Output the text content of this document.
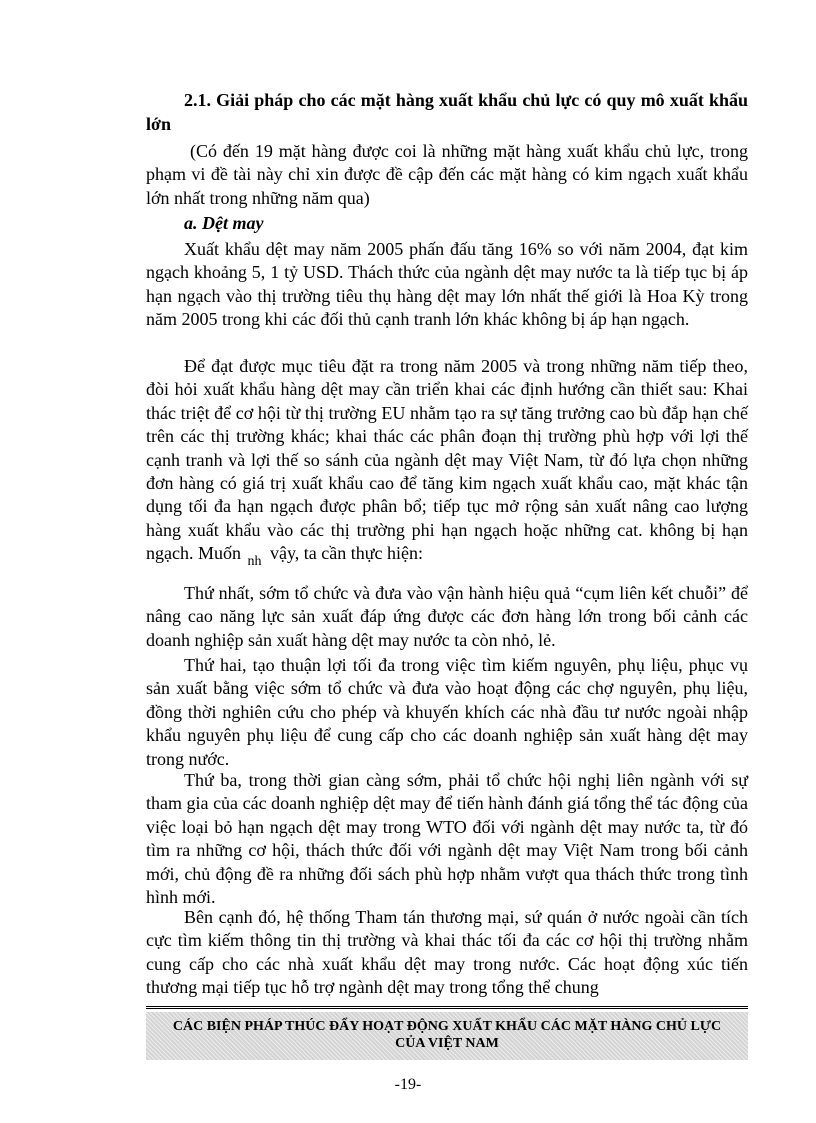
2.1. Giải pháp cho các mặt hàng xuất khẩu chủ lực có quy mô xuất khẩu lớn

(Có đến 19 mặt hàng được coi là những mặt hàng xuất khẩu chủ lực, trong phạm vi đề tài này chỉ xin được đề cập đến các mặt hàng có kim ngạch xuất khẩu lớn nhất trong những năm qua)

a. Dệt may

Xuất khẩu dệt may năm 2005 phấn đấu tăng 16% so với năm 2004, đạt kim ngạch khoảng 5, 1 tỷ USD. Thách thức của ngành dệt may nước ta là tiếp tục bị áp hạn ngạch vào thị trường tiêu thụ hàng dệt may lớn nhất thế giới là Hoa Kỳ trong năm 2005 trong khi các đối thủ cạnh tranh lớn khác không bị áp hạn ngạch.

Để đạt được mục tiêu đặt ra trong năm 2005 và trong những năm tiếp theo, đòi hỏi xuất khẩu hàng dệt may cần triển khai các định hướng cần thiết sau: Khai thác triệt để cơ hội từ thị trường EU nhằm tạo ra sự tăng trưởng cao bù đắp hạn chế trên các thị trường khác; khai thác các phân đoạn thị trường phù hợp với lợi thế cạnh tranh và lợi thế so sánh của ngành dệt may Việt Nam, từ đó lựa chọn những đơn hàng có giá trị xuất khẩu cao để tăng kim ngạch xuất khẩu cao, mặt khác tận dụng tối đa hạn ngạch được phân bổ; tiếp tục mở rộng sản xuất nâng cao lượng hàng xuất khẩu vào các thị trường phi hạn ngạch hoặc những cat. không bị hạn ngạch. Muốn $_{nh}$ vậy, ta cần thực hiện:

Thứ nhất, sớm tổ chức và đưa vào vận hành hiệu quả “cụm liên kết chuỗi” để nâng cao năng lực sản xuất đáp ứng được các đơn hàng lớn trong bối cảnh các doanh nghiệp sản xuất hàng dệt may nước ta còn nhỏ, lẻ.

Thứ hai, tạo thuận lợi tối đa trong việc tìm kiếm nguyên, phụ liệu, phục vụ sản xuất bằng việc sớm tổ chức và đưa vào hoạt động các chợ nguyên, phụ liệu, đồng thời nghiên cứu cho phép và khuyến khích các nhà đầu tư nước ngoài nhập khẩu nguyên phụ liệu để cung cấp cho các doanh nghiệp sản xuất hàng dệt may trong nước.

Thứ ba, trong thời gian càng sớm, phải tổ chức hội nghị liên ngành với sự tham gia của các doanh nghiệp dệt may để tiến hành đánh giá tổng thể tác động của việc loại bỏ hạn ngạch dệt may trong WTO đối với ngành dệt may nước ta, từ đó tìm ra những cơ hội, thách thức đối với ngành dệt may Việt Nam trong bối cảnh mới, chủ động đề ra những đối sách phù hợp nhằm vượt qua thách thức trong tình hình mới.

Bên cạnh đó, hệ thống Tham tán thương mại, sứ quán ở nước ngoài cần tích cực tìm kiếm thông tin thị trường và khai thác tối đa các cơ hội thị trường nhằm cung cấp cho các nhà xuất khẩu dệt may trong nước. Các hoạt động xúc tiến thương mại tiếp tục hỗ trợ ngành dệt may trong tổng thể chung

CÁC BIỆN PHÁP THÚC ĐẨY HOẠT ĐỘNG XUẤT KHẨU CÁC MẶT HÀNG CHỦ LỰC
CỦA VIỆT NAM
-19-
